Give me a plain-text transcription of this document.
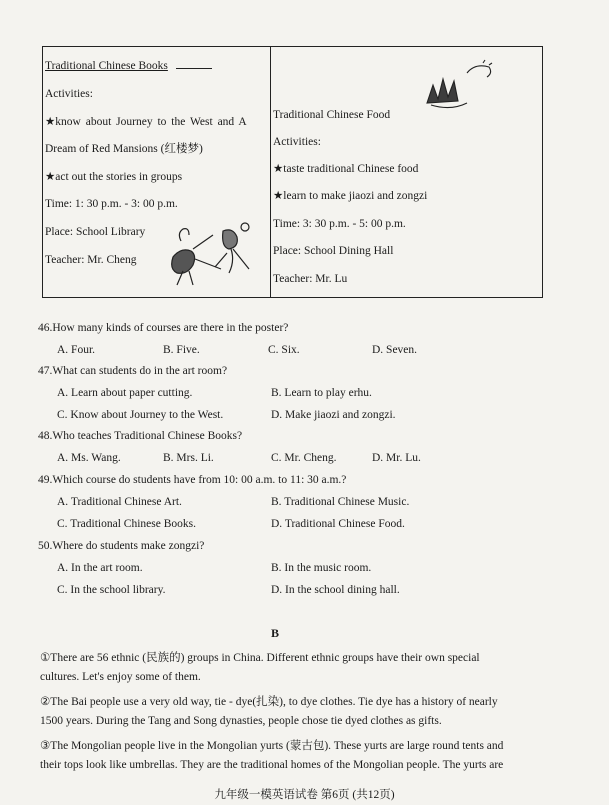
Traditional Chinese Books
Activities:
★know about Journey to the West and A
Dream of Red Mansions (红楼梦)
★act out the stories in groups
Time: 1: 30 p.m. - 3: 00 p.m.
Place: School Library
Teacher: Mr. Cheng
Traditional Chinese Food
Activities:
★taste traditional Chinese food
★learn to make jiaozi and zongzi
Time: 3: 30 p.m. - 5: 00 p.m.
Place: School Dining Hall
Teacher: Mr. Lu
46.How many kinds of courses are there in the poster?
A. Four.	B. Five.	C. Six.	D. Seven.
47.What can students do in the art room?
A. Learn about paper cutting.	B. Learn to play erhu.
C. Know about Journey to the West.	D. Make jiaozi and zongzi.
48.Who teaches Traditional Chinese Books?
A. Ms. Wang.	B. Mrs. Li.	C. Mr. Cheng.	D. Mr. Lu.
49.Which course do students have from 10: 00 a.m. to 11: 30 a.m.?
A. Traditional Chinese Art.	B. Traditional Chinese Music.
C. Traditional Chinese Books.	D. Traditional Chinese Food.
50.Where do students make zongzi?
A. In the art room.	B. In the music room.
C. In the school library.	D. In the school dining hall.
B
①There are 56 ethnic (民族的) groups in China. Different ethnic groups have their own special
cultures. Let's enjoy some of them.
②The Bai people use a very old way, tie - dye(扎染), to dye clothes. Tie dye has a history of nearly
1500 years. During the Tang and Song dynasties, people chose tie dyed clothes as gifts.
③The Mongolian people live in the Mongolian yurts (蒙古包). These yurts are large round tents and
their tops look like umbrellas. They are the traditional homes of the Mongolian people. The yurts are
九年级一模英语试卷 第6页 (共12页)
